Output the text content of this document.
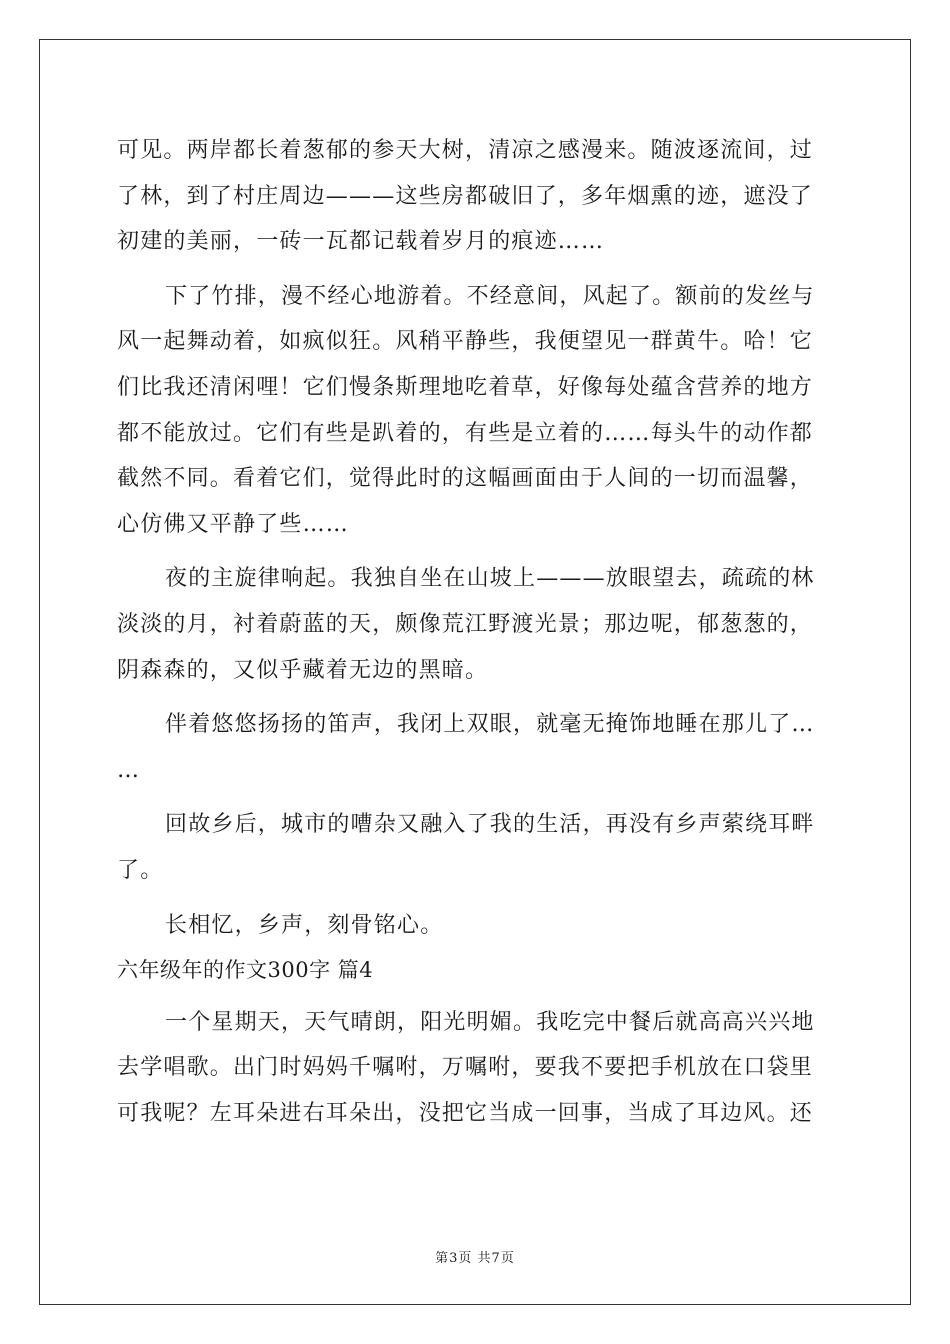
可见。两岸都长着葱郁的参天大树，清凉之感漫来。随波逐流间，过
了林，到了村庄周边———这些房都破旧了，多年烟熏的迹，遮没了
初建的美丽，一砖一瓦都记载着岁月的痕迹……
下了竹排，漫不经心地游着。不经意间，风起了。额前的发丝与
风一起舞动着，如疯似狂。风稍平静些，我便望见一群黄牛。哈！它
们比我还清闲哩！它们慢条斯理地吃着草，好像每处蕴含营养的地方
都不能放过。它们有些是趴着的，有些是立着的……每头牛的动作都
截然不同。看着它们，觉得此时的这幅画面由于人间的一切而温馨，
心仿佛又平静了些……
夜的主旋律响起。我独自坐在山坡上———放眼望去，疏疏的林
淡淡的月，衬着蔚蓝的天，颇像荒江野渡光景；那边呢，郁葱葱的，
阴森森的，又似乎藏着无边的黑暗。
伴着悠悠扬扬的笛声，我闭上双眼，就毫无掩饰地睡在那儿了…
…
回故乡后，城市的嘈杂又融入了我的生活，再没有乡声萦绕耳畔
了。
长相忆，乡声，刻骨铭心。
六年级年的作文300字 篇4
一个星期天，天气晴朗，阳光明媚。我吃完中餐后就高高兴兴地
去学唱歌。出门时妈妈千嘱咐，万嘱咐，要我不要把手机放在口袋里
可我呢？左耳朵进右耳朵出，没把它当成一回事，当成了耳边风。还
第3页 共7页
